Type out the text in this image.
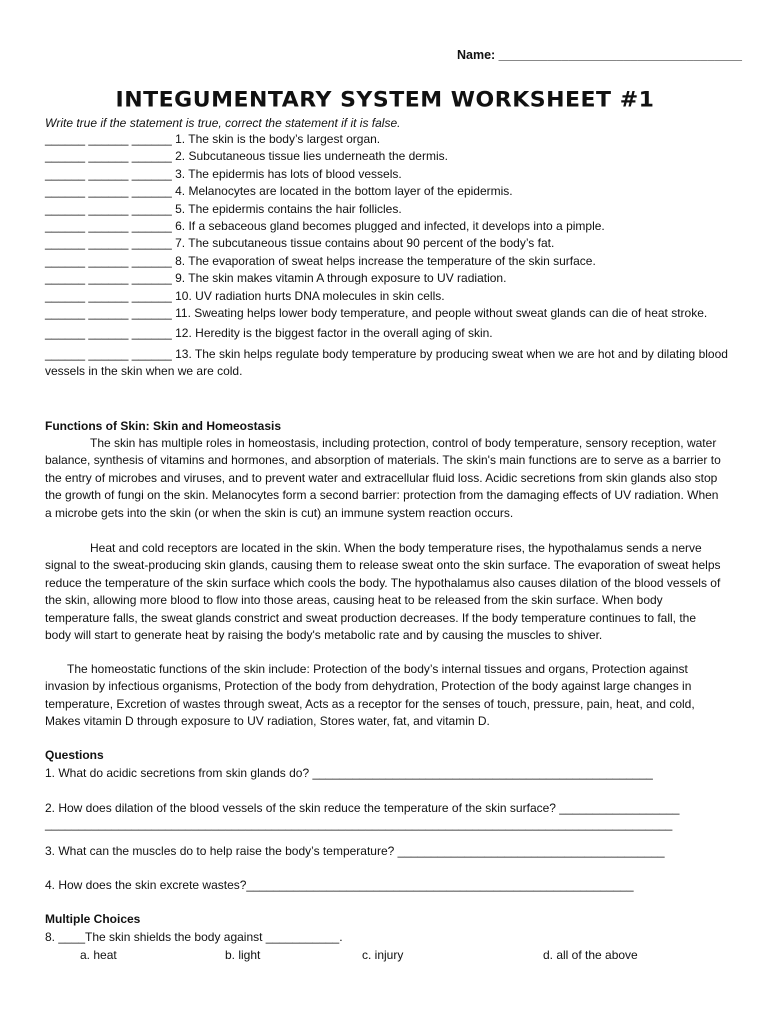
Name: ___________________________________
INTEGUMENTARY SYSTEM WORKSHEET #1
Write true if the statement is true, correct the statement if it is false.
______ ______ ______ 1. The skin is the body’s largest organ.
______ ______ ______ 2. Subcutaneous tissue lies underneath the dermis.
______ ______ ______ 3. The epidermis has lots of blood vessels.
______ ______ ______ 4. Melanocytes are located in the bottom layer of the epidermis.
______ ______ ______ 5. The epidermis contains the hair follicles.
______ ______ ______ 6. If a sebaceous gland becomes plugged and infected, it develops into a pimple.
______ ______ ______ 7. The subcutaneous tissue contains about 90 percent of the body’s fat.
______ ______ ______ 8. The evaporation of sweat helps increase the temperature of the skin surface.
______ ______ ______ 9. The skin makes vitamin A through exposure to UV radiation.
______ ______ ______ 10. UV radiation hurts DNA molecules in skin cells.
______ ______ ______ 11. Sweating helps lower body temperature, and people without sweat glands can die of heat stroke.
______ ______ ______ 12. Heredity is the biggest factor in the overall aging of skin.
______ ______ ______ 13. The skin helps regulate body temperature by producing sweat when we are hot and by dilating blood vessels in the skin when we are cold.
Functions of Skin: Skin and Homeostasis
The skin has multiple roles in homeostasis, including protection, control of body temperature, sensory reception, water balance, synthesis of vitamins and hormones, and absorption of materials. The skin's main functions are to serve as a barrier to the entry of microbes and viruses, and to prevent water and extracellular fluid loss. Acidic secretions from skin glands also stop the growth of fungi on the skin. Melanocytes form a second barrier: protection from the damaging effects of UV radiation. When a microbe gets into the skin (or when the skin is cut) an immune system reaction occurs.
Heat and cold receptors are located in the skin. When the body temperature rises, the hypothalamus sends a nerve signal to the sweat-producing skin glands, causing them to release sweat onto the skin surface. The evaporation of sweat helps reduce the temperature of the skin surface which cools the body. The hypothalamus also causes dilation of the blood vessels of the skin, allowing more blood to flow into those areas, causing heat to be released from the skin surface. When body temperature falls, the sweat glands constrict and sweat production decreases. If the body temperature continues to fall, the body will start to generate heat by raising the body's metabolic rate and by causing the muscles to shiver.
The homeostatic functions of the skin include: Protection of the body’s internal tissues and organs, Protection against invasion by infectious organisms, Protection of the body from dehydration, Protection of the body against large changes in temperature, Excretion of wastes through sweat, Acts as a receptor for the senses of touch, pressure, pain, heat, and cold, Makes vitamin D through exposure to UV radiation, Stores water, fat, and vitamin D.
Questions
1. What do acidic secretions from skin glands do? ___________________________________________________
2. How does dilation of the blood vessels of the skin reduce the temperature of the skin surface? __________________
______________________________________________________________________________________________
3. What can the muscles do to help raise the body’s temperature? ________________________________________
4. How does the skin excrete wastes?__________________________________________________________
Multiple Choices
8. ____The skin shields the body against ___________.
a. heat	b. light	c. injury	d. all of the above
